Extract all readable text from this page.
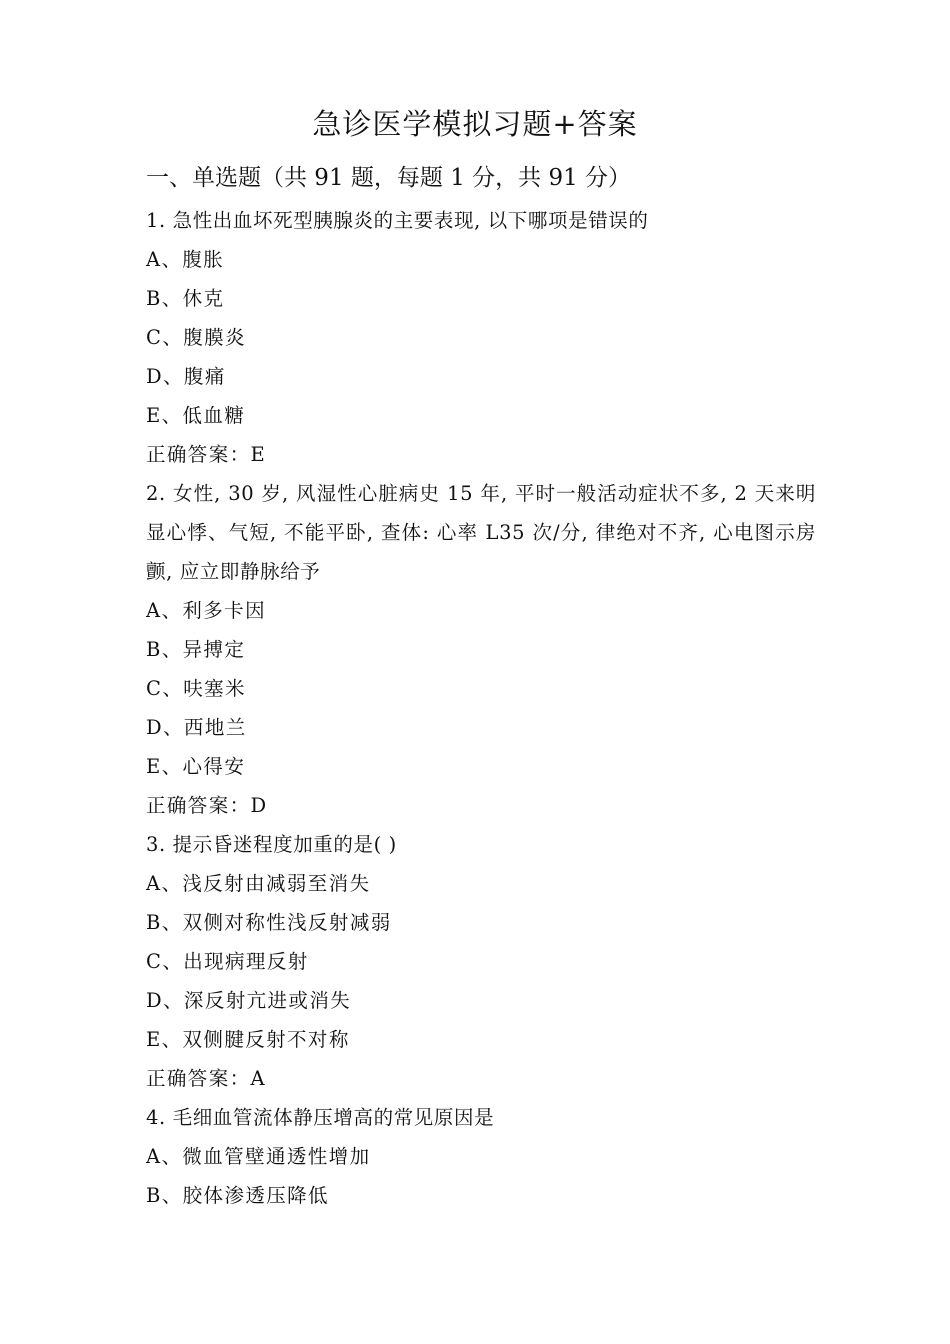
急诊医学模拟习题+答案
一、单选题（共 91 题，每题 1 分，共 91 分）
1. 急性出血坏死型胰腺炎的主要表现, 以下哪项是错误的
A、腹胀
B、休克
C、腹膜炎
D、腹痛
E、低血糖
正确答案：E
2. 女性, 30 岁, 风湿性心脏病史 15 年, 平时一般活动症状不多, 2 天来明显心悸、气短, 不能平卧, 查体: 心率 L35 次/分, 律绝对不齐, 心电图示房颤, 应立即静脉给予
A、利多卡因
B、异搏定
C、呋塞米
D、西地兰
E、心得安
正确答案：D
3. 提示昏迷程度加重的是( )
A、浅反射由减弱至消失
B、双侧对称性浅反射减弱
C、出现病理反射
D、深反射亢进或消失
E、双侧腱反射不对称
正确答案：A
4. 毛细血管流体静压增高的常见原因是
A、微血管壁通透性增加
B、胶体渗透压降低
